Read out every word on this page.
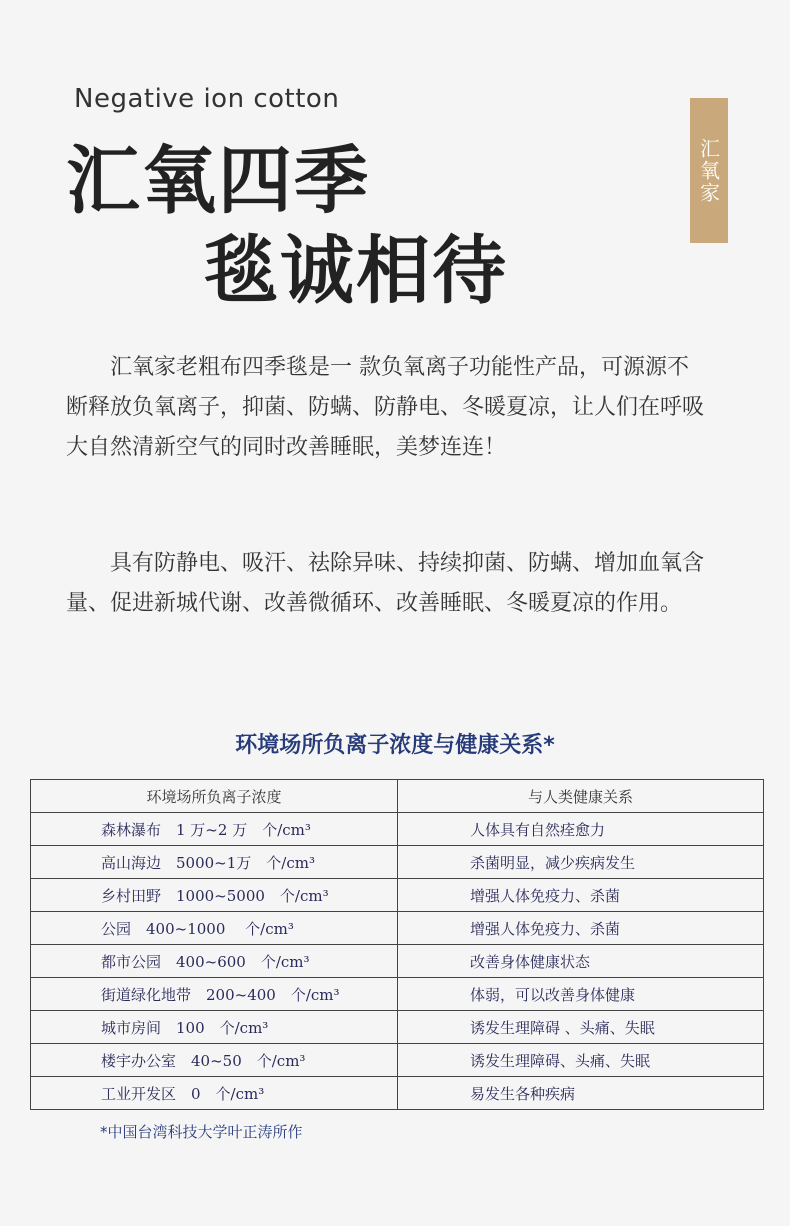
Negative ion cotton
汇氧四季
毯诚相待
汇氧家

汇氧家老粗布四季毯是一 款负氧离子功能性产品，可源源不断释放负氧离子，抑菌、防螨、防静电、冬暖夏凉，让人们在呼吸大自然清新空气的同时改善睡眠，美梦连连！

具有防静电、吸汗、祛除异味、持续抑菌、防螨、增加血氧含量、促进新城代谢、改善微循环、改善睡眠、冬暖夏凉的作用。

环境场所负离子浓度与健康关系*
环境场所负离子浓度	与人类健康关系
森林瀑布　1 万~2 万　个/cm³	人体具有自然痊愈力
高山海边　5000~1万　个/cm³	杀菌明显，减少疾病发生
乡村田野　1000~5000　个/cm³	增强人体免疫力、杀菌
公园　400~1000　 个/cm³	增强人体免疫力、杀菌
都市公园　400~600　个/cm³	改善身体健康状态
街道绿化地带　200~400　个/cm³	体弱，可以改善身体健康
城市房间　100　个/cm³	诱发生理障碍 、头痛、失眠
楼宇办公室　40~50　个/cm³	诱发生理障碍、头痛、失眠
工业开发区　0　个/cm³	易发生各种疾病
*中国台湾科技大学叶正涛所作
